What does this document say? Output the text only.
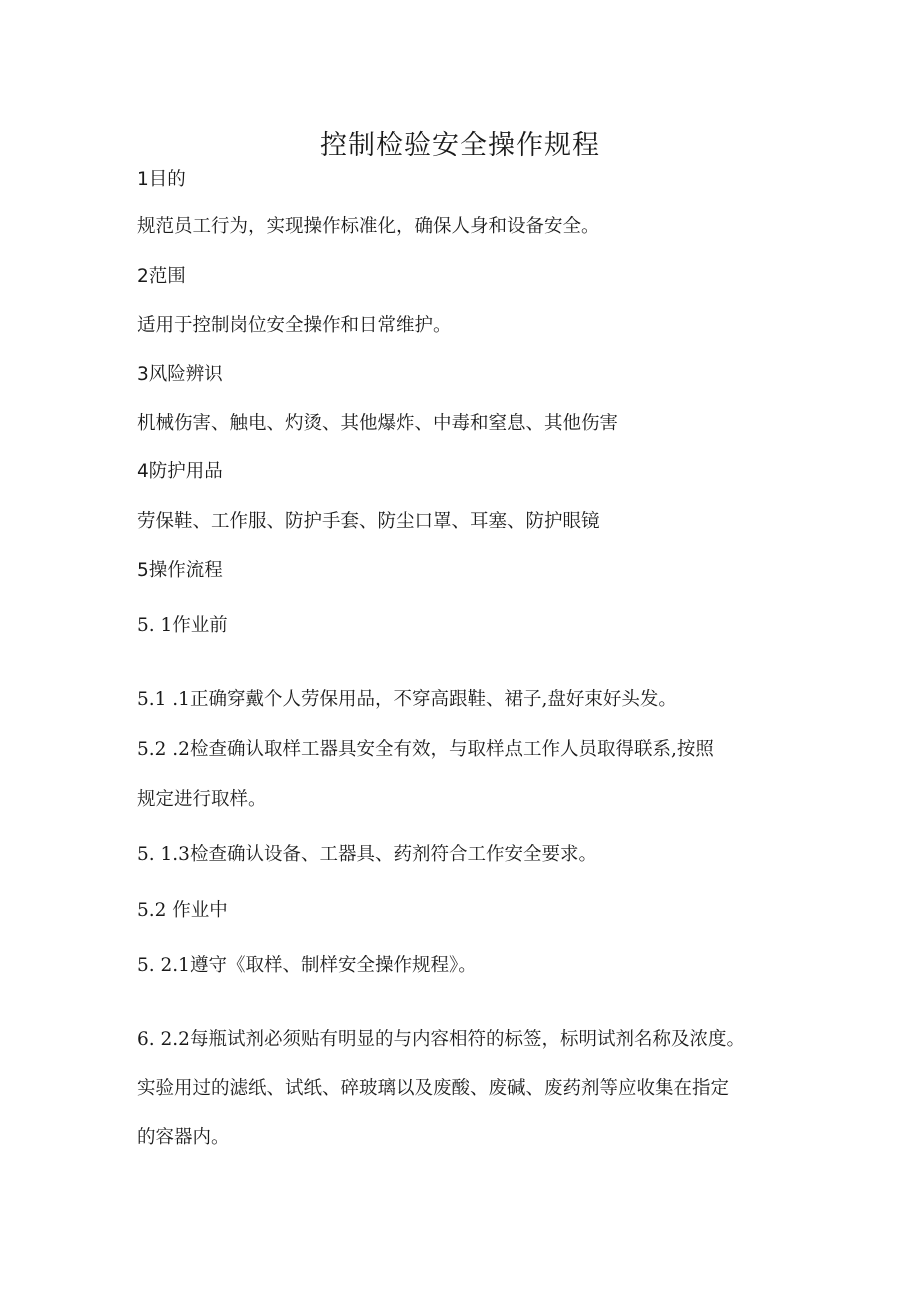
控制检验安全操作规程

1目的

规范员工行为，实现操作标准化，确保人身和设备安全。

2范围

适用于控制岗位安全操作和日常维护。

3风险辨识

机械伤害、触电、灼烫、其他爆炸、中毒和窒息、其他伤害

4防护用品

劳保鞋、工作服、防护手套、防尘口罩、耳塞、防护眼镜

5操作流程

5. 1作业前

5.1 .1正确穿戴个人劳保用品，不穿高跟鞋、裙子,盘好束好头发。

5.2 .2检查确认取样工器具安全有效，与取样点工作人员取得联系,按照

规定进行取样。

5. 1.3检查确认设备、工器具、药剂符合工作安全要求。

5.2 作业中

5. 2.1遵守《取样、制样安全操作规程》。

6. 2.2每瓶试剂必须贴有明显的与内容相符的标签，标明试剂名称及浓度。

实验用过的滤纸、试纸、碎玻璃以及废酸、废碱、废药剂等应收集在指定

的容器内。
